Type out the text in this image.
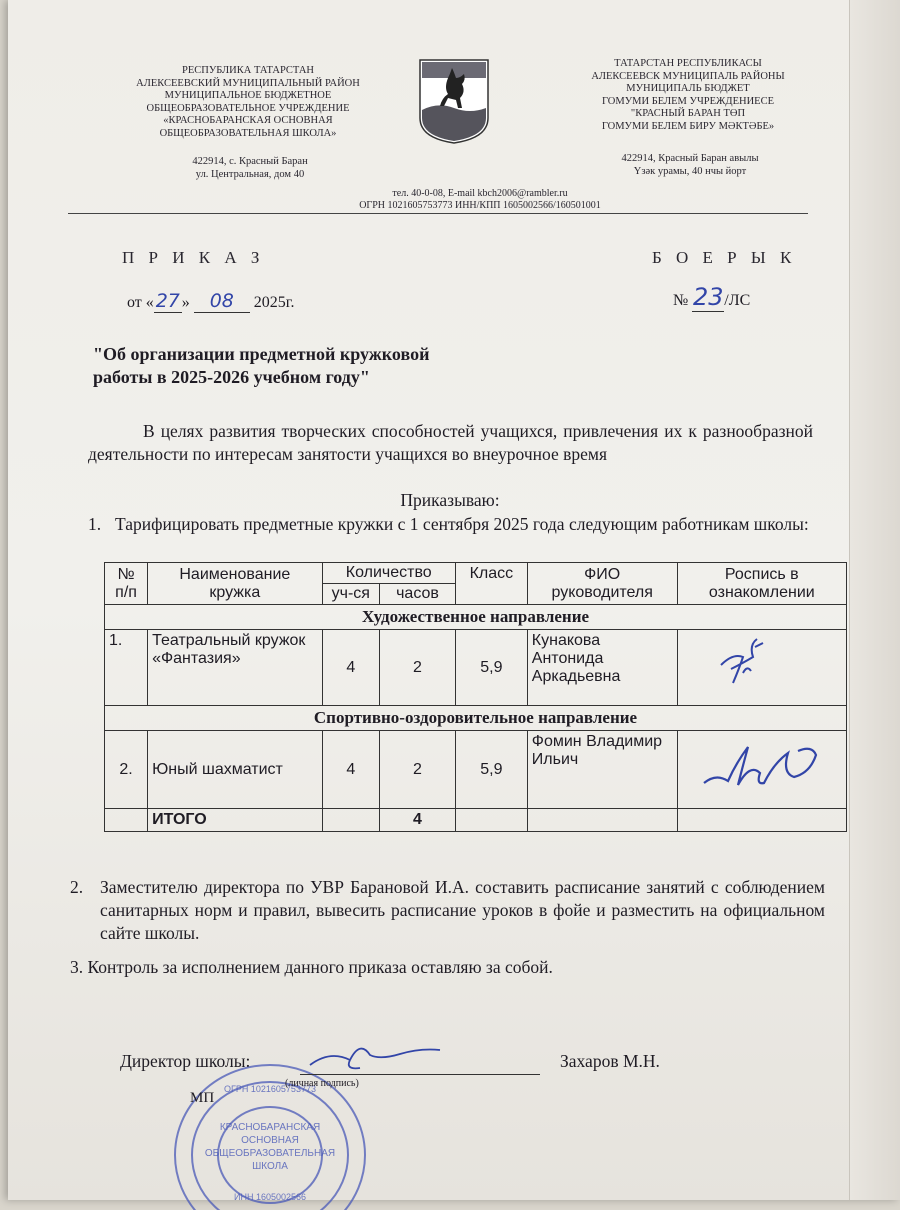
РЕСПУБЛИКА ТАТАРСТАН
АЛЕКСЕЕВСКИЙ МУНИЦИПАЛЬНЫЙ РАЙОН
МУНИЦИПАЛЬНОЕ БЮДЖЕТНОЕ
ОБЩЕОБРАЗОВАТЕЛЬНОЕ УЧРЕЖДЕНИЕ
«КРАСНОБАРАНСКАЯ ОСНОВНАЯ
ОБЩЕОБРАЗОВАТЕЛЬНАЯ ШКОЛА»
422914, с. Красный Баран
ул. Центральная, дом 40
ТАТАРСТАН РЕСПУБЛИКАСЫ
АЛЕКСЕЕВСК МУНИЦИПАЛЬ РАЙОНЫ
МУНИЦИПАЛЬ БЮДЖЕТ
ГОМУМИ БЕЛЕМ УЧРЕЖДЕНИЕСЕ
"КРАСНЫЙ БАРАН ТӨП
ГОМУМИ БЕЛЕМ БИРУ МӘКТӘБЕ»
422914, Красный Баран авылы
Үзәк урамы, 40 нчы йорт
тел. 40-0-08, E-mail kbch2006@rambler.ru
ОГРН 1021605753773 ИНН/КПП 1605002566/160501001
П Р И К А З	Б О Е Р Ы К
от « 27 » 08 2025г.	№ 23/ЛС
"Об организации предметной кружковой
работы в 2025-2026 учебном году"
В целях развития творческих способностей учащихся, привлечения их к разнообразной деятельности по интересам занятости учащихся во внеурочное время
Приказываю:
1. Тарифицировать предметные кружки с 1 сентября 2025 года следующим работникам школы:
№ п/п	Наименование кружка	Количество		Класс	ФИО руководителя	Роспись в ознакомлении
		уч-ся	часов			
Художественное направление						
1.	Театральный кружок «Фантазия»	4	2	5,9	Кунакова Антонида Аркадьевна	

Спортивно-оздоровительное направление						
2.	Юный шахматист	4	2	5,9	Фомин Владимир Ильич	

	ИТОГО		4			
2. Заместителю директора по УВР Барановой И.А. составить расписание занятий с соблюдением санитарных норм и правил, вывесить расписание уроков в фойе и разместить на официальном сайте школы.
3. Контроль за исполнением данного приказа оставляю за собой.
ОГРН 1021605753773
КРАСНОБАРАНСКАЯ
ОСНОВНАЯ
ОБЩЕОБРАЗОВАТЕЛЬНАЯ
ШКОЛА
ИНН 1605002566
Директор школы:	Захаров М.Н.
(личная подпись)
МП
